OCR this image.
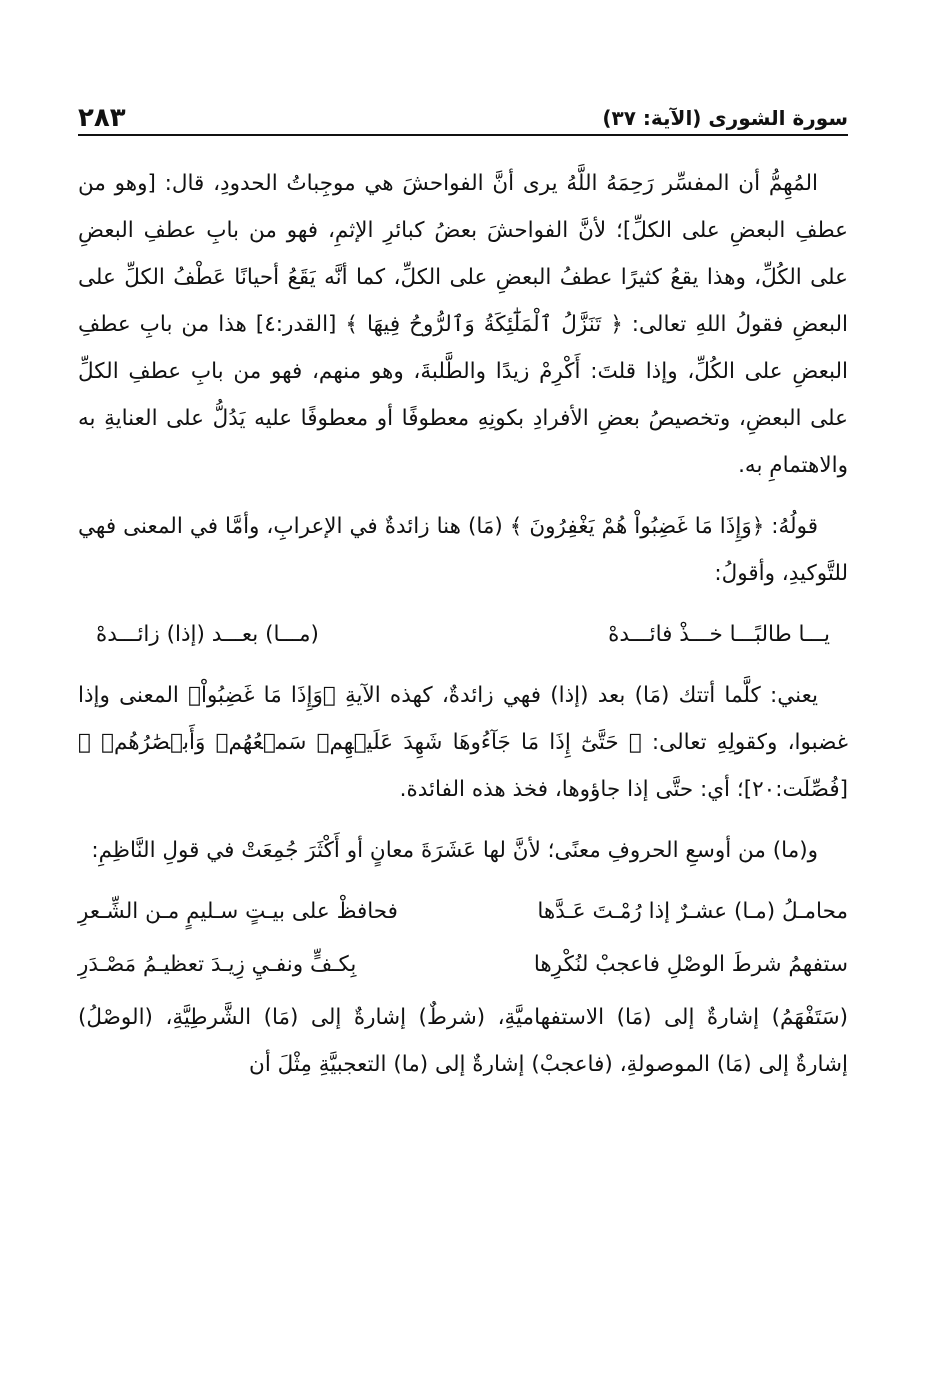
سورة الشورى (الآية: ٣٧)
٢٨٣

المُهِمُّ أن المفسِّر رَحِمَهُ اللَّهُ يرى أنَّ الفواحشَ هي موجِباتُ الحدودِ، قال: [وهو من عطفِ البعضِ على الكلِّ]؛ لأنَّ الفواحشَ بعضُ كبائرِ الإثمِ، فهو من بابِ عطفِ البعضِ على الكُلِّ، وهذا يقعُ كثيرًا عطفُ البعضِ على الكلِّ، كما أنَّه يَقَعُ أحيانًا عَطْفُ الكلِّ على البعضِ فقولُ اللهِ تعالى: ﴿ تَنَزَّلُ ٱلْمَلَٰٓئِكَةُ وَٱلرُّوحُ فِيهَا ﴾ [القدر:٤] هذا من بابِ عطفِ البعضِ على الكُلِّ، وإذا قلتَ: أَكْرِمْ زيدًا والطَّلبةَ، وهو منهم، فهو من بابِ عطفِ الكلِّ على البعضِ، وتخصيصُ بعضِ الأفرادِ بكونِهِ معطوفًا أو معطوفًا عليه يَدُلُّ على العنايةِ به والاهتمامِ به.

قولُهُ: ﴿وَإِذَا مَا غَضِبُواْ هُمْ يَغْفِرُونَ ﴾ (مَا) هنا زائدةٌ في الإعرابِ، وأمَّا في المعنى فهي للتَّوكيدِ، وأقولُ:

يـــا طالبًـــا خـــذْ فائـــدهْ
(مـــا) بعـــد (إذا) زائـــدهْ

يعني: كلَّما أتتك (مَا) بعد (إذا) فهي زائدةٌ، كهذه الآيةِ ﴿وَإِذَا مَا غَضِبُواْ﴾ المعنى وإذا غضبوا، وكقولِهِ تعالى: ﴿ حَتَّىٰٓ إِذَا مَا جَآءُوهَا شَهِدَ عَلَيۡهِمۡ سَمۡعُهُمۡ وَأَبۡصَٰرُهُمۡ ﴾ [فُصِّلَت:٢٠]؛ أي: حتَّى إذا جاؤوها، فخذ هذه الفائدة.

و(ما) من أوسعِ الحروفِ معنًى؛ لأنَّ لها عَشَرَةَ معانٍ أو أَكْثَرَ جُمِعَتْ في قولِ النَّاظِمِ:

محامـلُ (مـا) عشـرٌ إذا رُمْـتَ عَـدَّها
فحافظْ على بيـتٍ سـليمٍ مـن الشِّـعرِ
ستفهمُ شرطَ الوصْلِ فاعجبْ لنُكْرِها
بِكـفٍّ ونفـيِ زِيـدَ تعظيـمُ مَصْـدَرِ

(سَتَفْهَمُ) إشارةٌ إلى (مَا) الاستفهاميَّةِ، (شرطٌ) إشارةٌ إلى (مَا) الشَّرطِيَّةِ، (الوصْلُ) إشارةٌ إلى (مَا) الموصولةِ، (فاعجبْ) إشارةٌ إلى (ما) التعجبيَّةِ مِثْلَ أن
